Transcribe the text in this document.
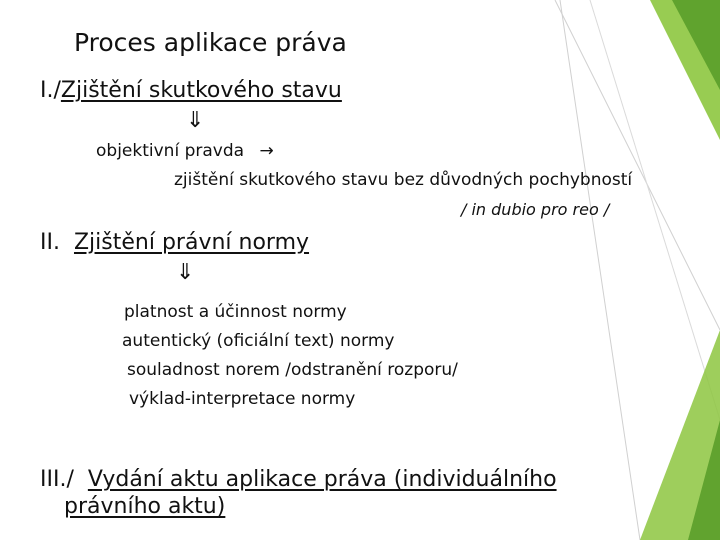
Proces aplikace práva
I./Zjištění skutkového stavu
⇓
objektivní pravda →
zjištění skutkového stavu bez důvodných pochybností
/ in dubio pro reo /
II. Zjištění právní normy
⇓
platnost a účinnost normy
autentický (oficiální text) normy
souladnost norem /odstranění rozporu/
výklad-interpretace normy
III./ Vydání aktu aplikace práva (individuálního
právního aktu)
